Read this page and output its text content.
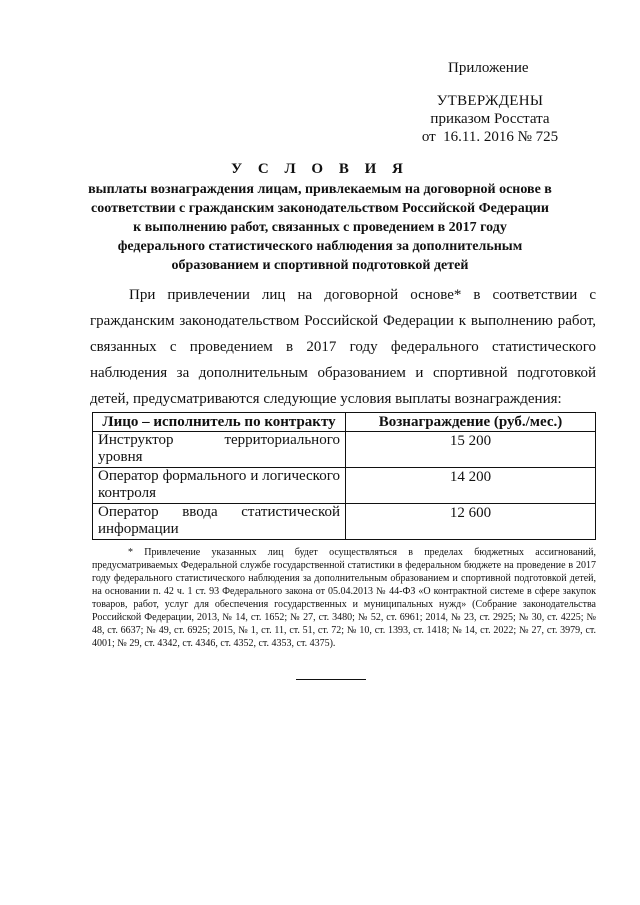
Приложение
УТВЕРЖДЕНЫ
приказом Росстата
от  16.11. 2016 № 725
У С Л О В И Я
выплаты вознаграждения лицам, привлекаемым на договорной основе в
соответствии с гражданским законодательством Российской Федерации
к выполнению работ, связанных с проведением в 2017 году
федерального статистического наблюдения за дополнительным
образованием и спортивной подготовкой детей

При привлечении лиц на договорной основе* в соответствии с гражданским законодательством Российской Федерации к выполнению работ, связанных с проведением в 2017 году федерального статистического наблюдения за дополнительным образованием и спортивной подготовкой детей, предусматриваются следующие условия выплаты вознаграждения:

Лицо – исполнитель по контракту	Вознаграждение (руб./мес.)
Инструктор территориального уровня	15 200
Оператор формального и логического контроля	14 200
Оператор ввода статистической информации	12 600

* Привлечение указанных лиц будет осуществляться в пределах бюджетных ассигнований, предусматриваемых Федеральной службе государственной статистики в федеральном бюджете на проведение в 2017 году федерального статистического наблюдения за дополнительным образованием и спортивной подготовкой детей, на основании п. 42 ч. 1 ст. 93 Федерального закона от 05.04.2013 № 44-ФЗ «О контрактной системе в сфере закупок товаров, работ, услуг для обеспечения государственных и муниципальных нужд» (Собрание законодательства Российской Федерации, 2013, № 14, ст. 1652; № 27, ст. 3480; № 52, ст. 6961; 2014, № 23, ст. 2925; № 30, ст. 4225; № 48, ст. 6637; № 49, ст. 6925; 2015, № 1, ст. 11, ст. 51, ст. 72; № 10, ст. 1393, ст. 1418; № 14, ст. 2022; № 27, ст. 3979, ст. 4001; № 29, ст. 4342, ст. 4346, ст. 4352, ст. 4353, ст. 4375).
